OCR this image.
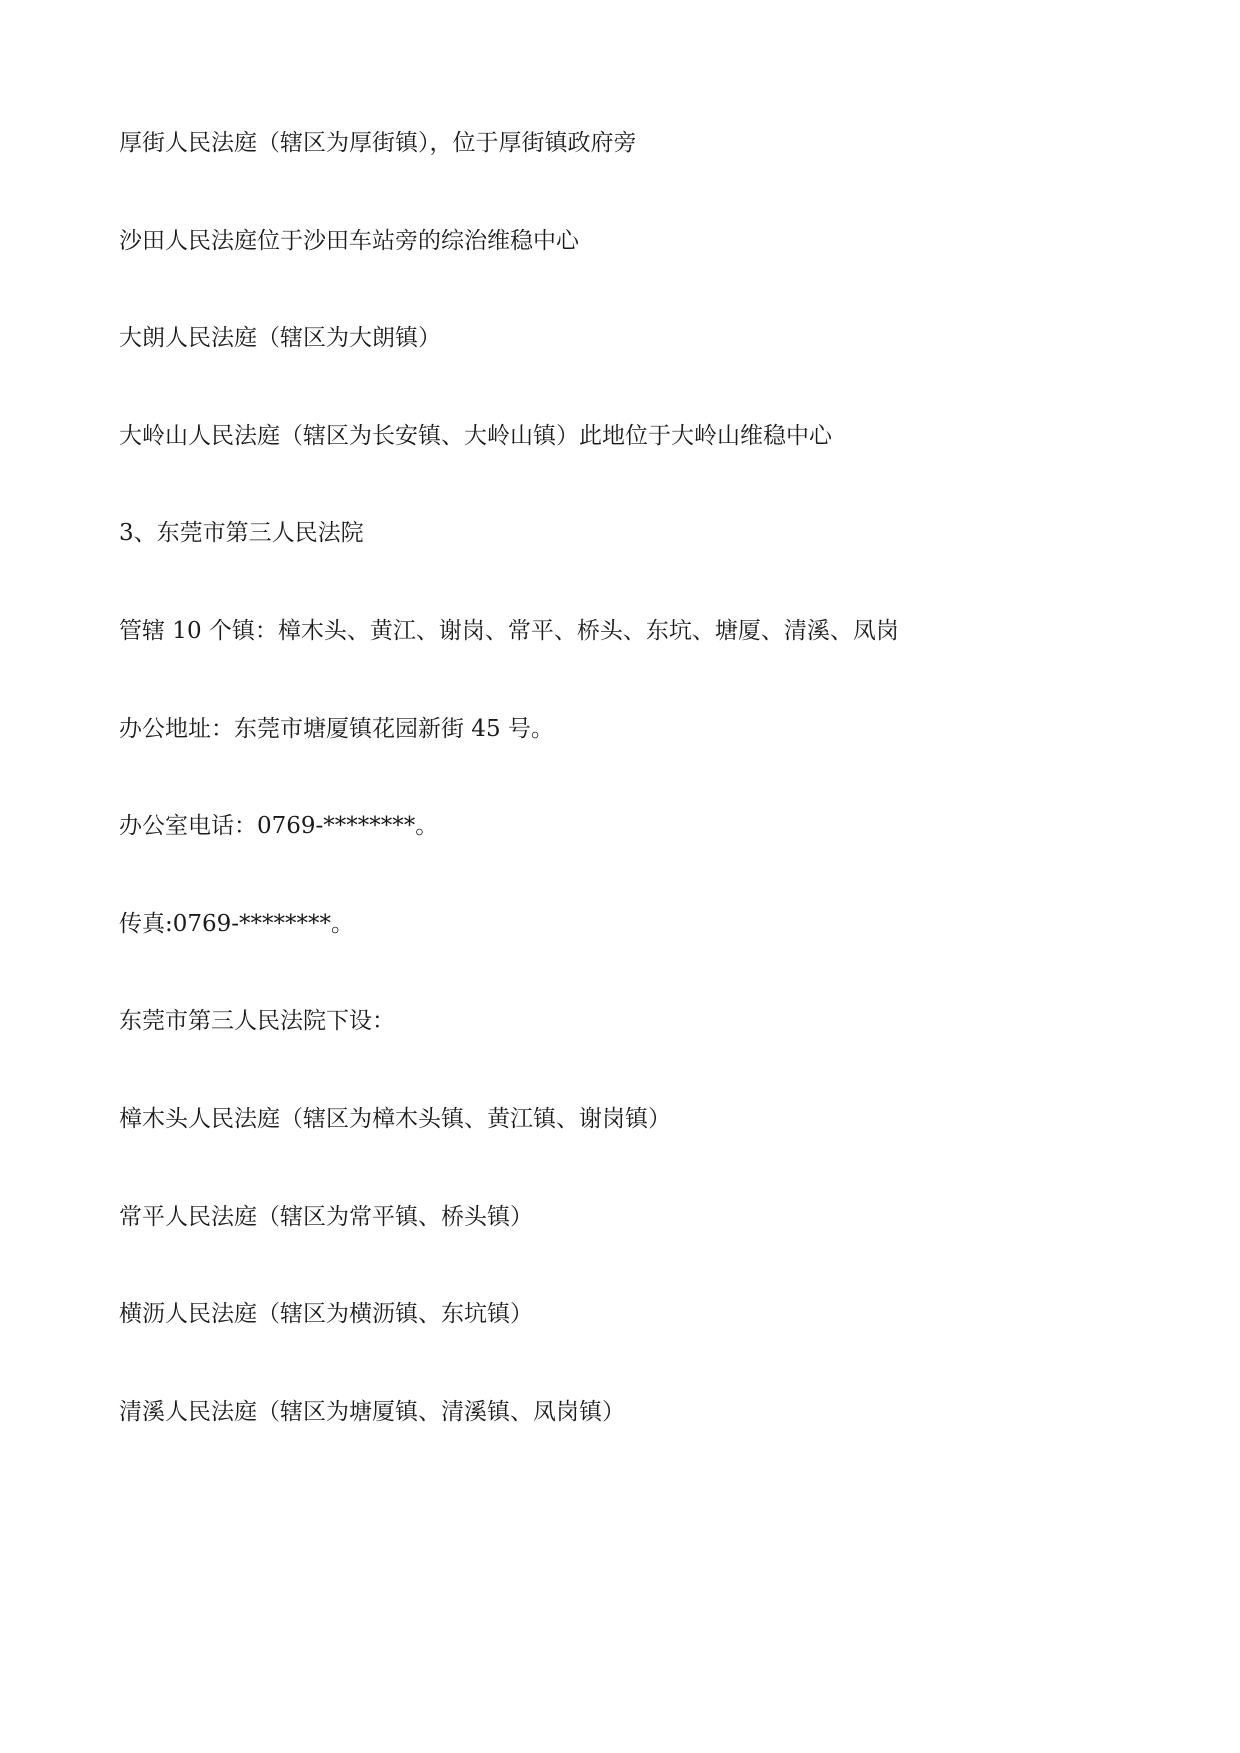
厚街人民法庭（辖区为厚街镇），位于厚街镇政府旁

沙田人民法庭位于沙田车站旁的综治维稳中心

大朗人民法庭（辖区为大朗镇）

大岭山人民法庭（辖区为长安镇、大岭山镇）此地位于大岭山维稳中心

3、东莞市第三人民法院

管辖 10 个镇：樟木头、黄江、谢岗、常平、桥头、东坑、塘厦、清溪、凤岗

办公地址：东莞市塘厦镇花园新街 45 号。

办公室电话：0769-********。

传真:0769-********。

东莞市第三人民法院下设：

樟木头人民法庭（辖区为樟木头镇、黄江镇、谢岗镇）

常平人民法庭（辖区为常平镇、桥头镇）

横沥人民法庭（辖区为横沥镇、东坑镇）

清溪人民法庭（辖区为塘厦镇、清溪镇、凤岗镇）
